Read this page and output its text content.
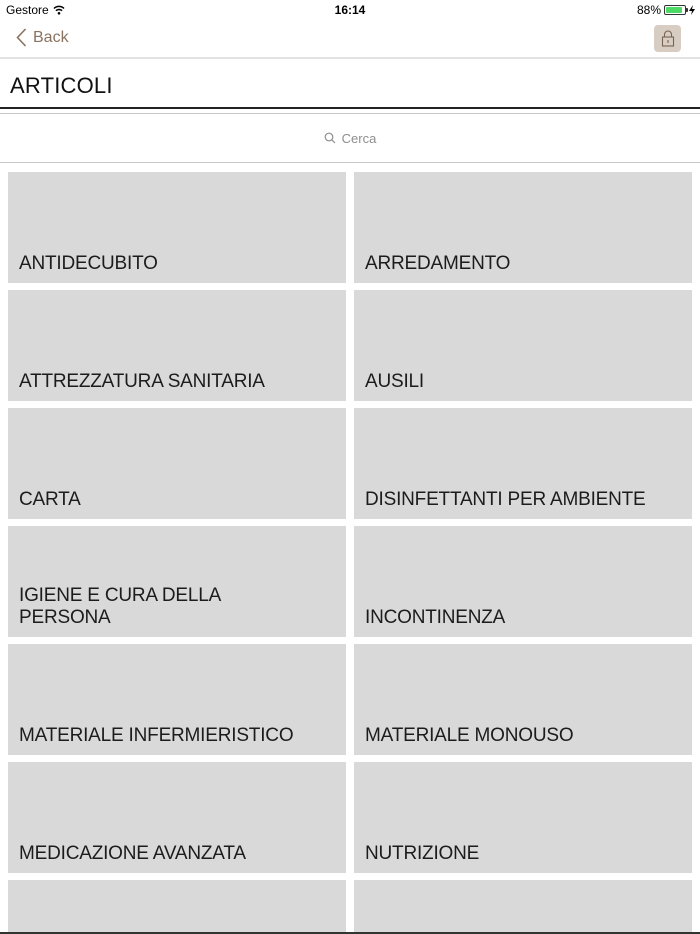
Gestore	16:14	88%
Back
ARTICOLI
Cerca
ANTIDECUBITO	ARREDAMENTO
ATTREZZATURA SANITARIA	AUSILI
CARTA	DISINFETTANTI PER AMBIENTE
IGIENE E CURA DELLA PERSONA	INCONTINENZA
MATERIALE INFERMIERISTICO	MATERIALE MONOUSO
MEDICAZIONE AVANZATA	NUTRIZIONE
